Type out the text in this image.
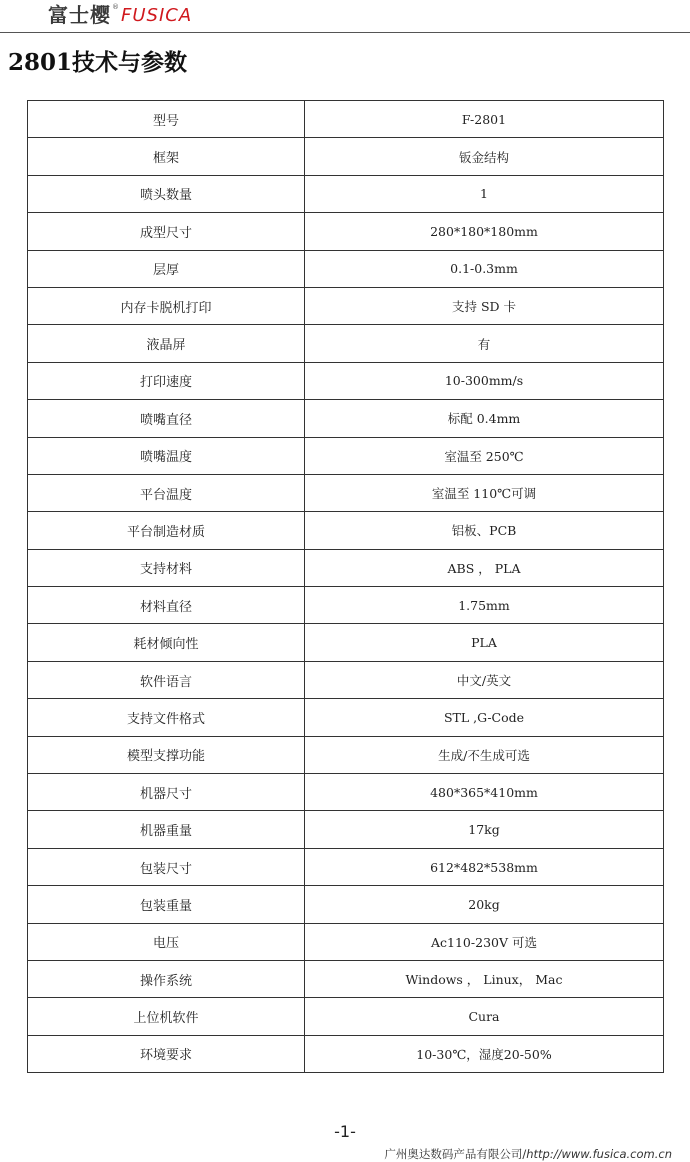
富士樱 ® FUSICA
2801技术与参数
型号	F-2801
框架	钣金结构
喷头数量	1
成型尺寸	280*180*180mm
层厚	0.1-0.3mm
内存卡脱机打印	支持 SD 卡
液晶屏	有
打印速度	10-300mm/s
喷嘴直径	标配 0.4mm
喷嘴温度	室温至 250℃
平台温度	室温至 110℃可调
平台制造材质	铝板、PCB
支持材料	ABS ， PLA
材料直径	1.75mm
耗材倾向性	PLA
软件语言	中文/英文
支持文件格式	STL ,G-Code
模型支撑功能	生成/不生成可选
机器尺寸	480*365*410mm
机器重量	17kg
包装尺寸	612*482*538mm
包装重量	20kg
电压	Ac110-230V 可选
操作系统	Windows ， Linux， Mac
上位机软件	Cura
环境要求	10-30℃，湿度20-50%
-1-
广州奥达数码产品有限公司/http://www.fusica.com.cn
